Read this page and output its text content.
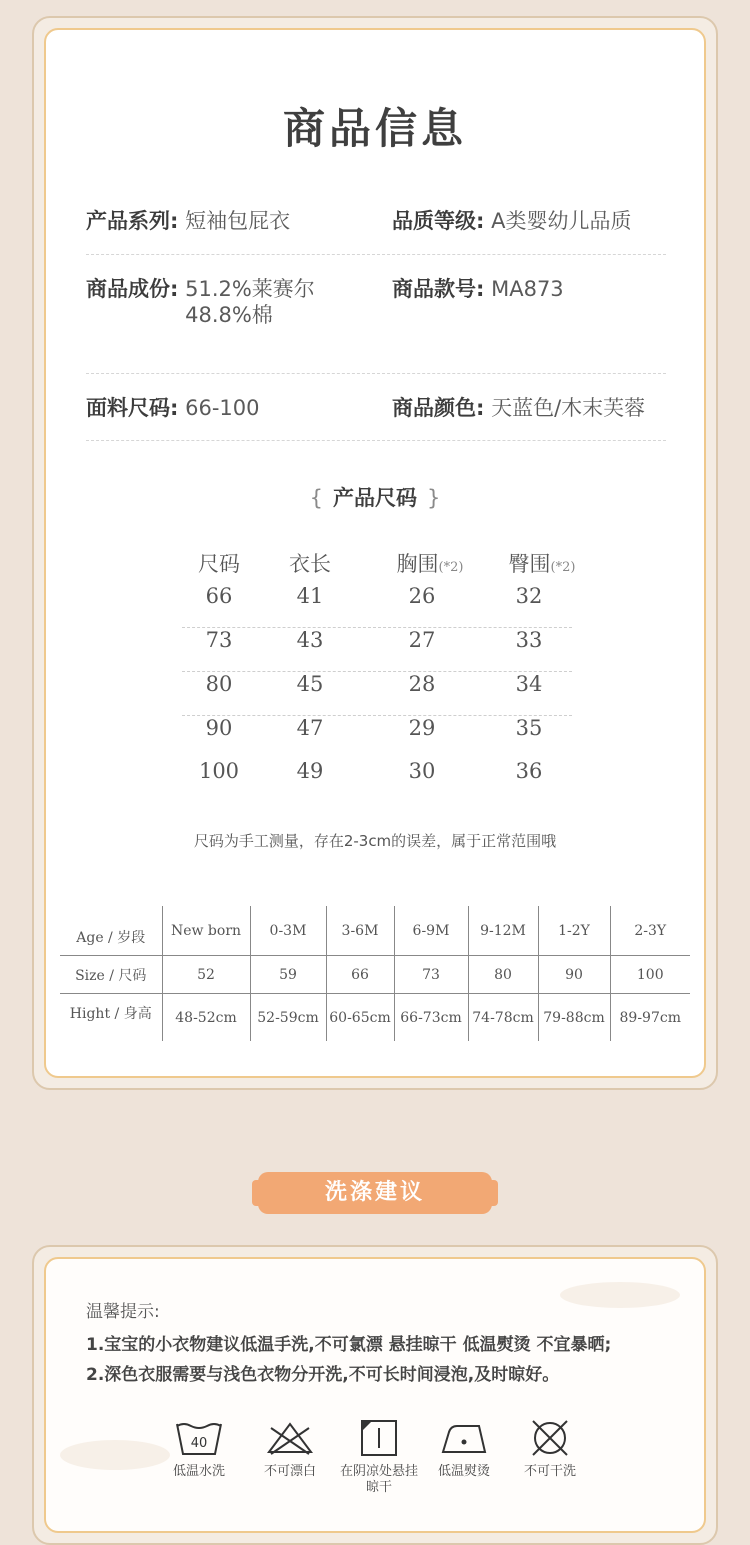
商品信息
产品系列: 短袖包屁衣	品质等级: A类婴幼儿品质
商品成份: 51.2%莱赛尔
48.8%棉
商品款号: MA873
面料尺码: 66-100	商品颜色: 天蓝色/木末芙蓉
{ 产品尺码 }
尺码	衣长	胸围(*2)	臀围(*2)
66	41	26	32
73	43	27	33
80	45	28	34
90	47	29	35
100	49	30	36
尺码为手工测量，存在2-3cm的误差，属于正常范围哦
Age / 岁段	New born	0-3M	3-6M	6-9M	9-12M	1-2Y	2-3Y
Size / 尺码	52	59	66	73	80	90	100
Hight / 身高	48-52cm	52-59cm	60-65cm	66-73cm	74-78cm	79-88cm	89-97cm
洗涤建议
温馨提示:
1.宝宝的小衣物建议低温手洗,不可氯漂 悬挂晾干 低温熨烫 不宜暴晒;
2.深色衣服需要与浅色衣物分开洗,不可长时间浸泡,及时晾好。
40
低温水洗	不可漂白	在阴凉处悬挂晾干
低温熨烫	不可干洗
